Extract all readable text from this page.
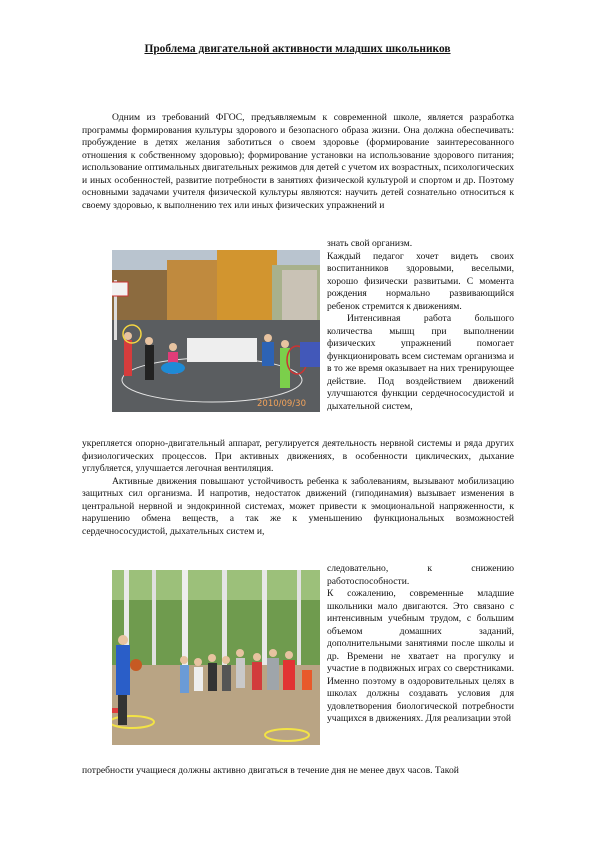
Проблема двигательной активности младших школьников

Одним из требований ФГОС, предъявляемым к современной школе, является разработка программы формирования культуры здорового и безопасного образа жизни. Она должна обеспечивать: пробуждение в детях желания заботиться о своем здоровье (формирование заинтересованного отношения к собственному здоровью); формирование установки на использование здорового питания; использование оптимальных двигательных режимов для детей с учетом их возрастных, психологических и иных особенностей, развитие потребности в занятиях физической культурой и спортом и др. Поэтому основными задачами учителя физической культуры являются: научить детей сознательно относиться к своему здоровью, к выполнению тех или иных физических упражнений и

2010/09/30

знать свой организм.

Каждый педагог хочет видеть своих воспитанников здоровыми, веселыми, хорошо физически развитыми. С момента рождения нормально развивающийся ребенок стремится к движениям.

Интенсивная работа большого количества мышц при выполнении физических упражнений помогает функционировать всем системам организма и в то же время оказывает на них тренирующее действие. Под воздействием движений улучшаются функции сердечнососудистой и дыхательной систем,

укрепляется опорно-двигательный аппарат, регулируется деятельность нервной системы и ряда других физиологических процессов. При активных движениях, в особенности циклических, дыхание углубляется, улучшается легочная вентиляция.

Активные движения повышают устойчивость ребенка к заболеваниям, вызывают мобилизацию защитных сил организма. И напротив, недостаток движений (гиподинамия) вызывает изменения в центральной нервной и эндокринной системах, может привести к эмоциональной напряженности, к нарушению обмена веществ, а так же к уменьшению функциональных возможностей сердечнососудистой, дыхательных систем и,

следовательно, к снижению работоспособности.

К сожалению, современные младшие школьники мало двигаются. Это связано с интенсивным учебным трудом, с большим объемом домашних заданий, дополнительными занятиями после школы и др. Времени не хватает на прогулку и участие в подвижных играх со сверстниками. Именно поэтому в оздоровительных целях в школах должны создавать условия для удовлетворения биологической потребности учащихся в движениях. Для реализации этой

потребности учащиеся должны активно двигаться в течение дня не менее двух часов. Такой
